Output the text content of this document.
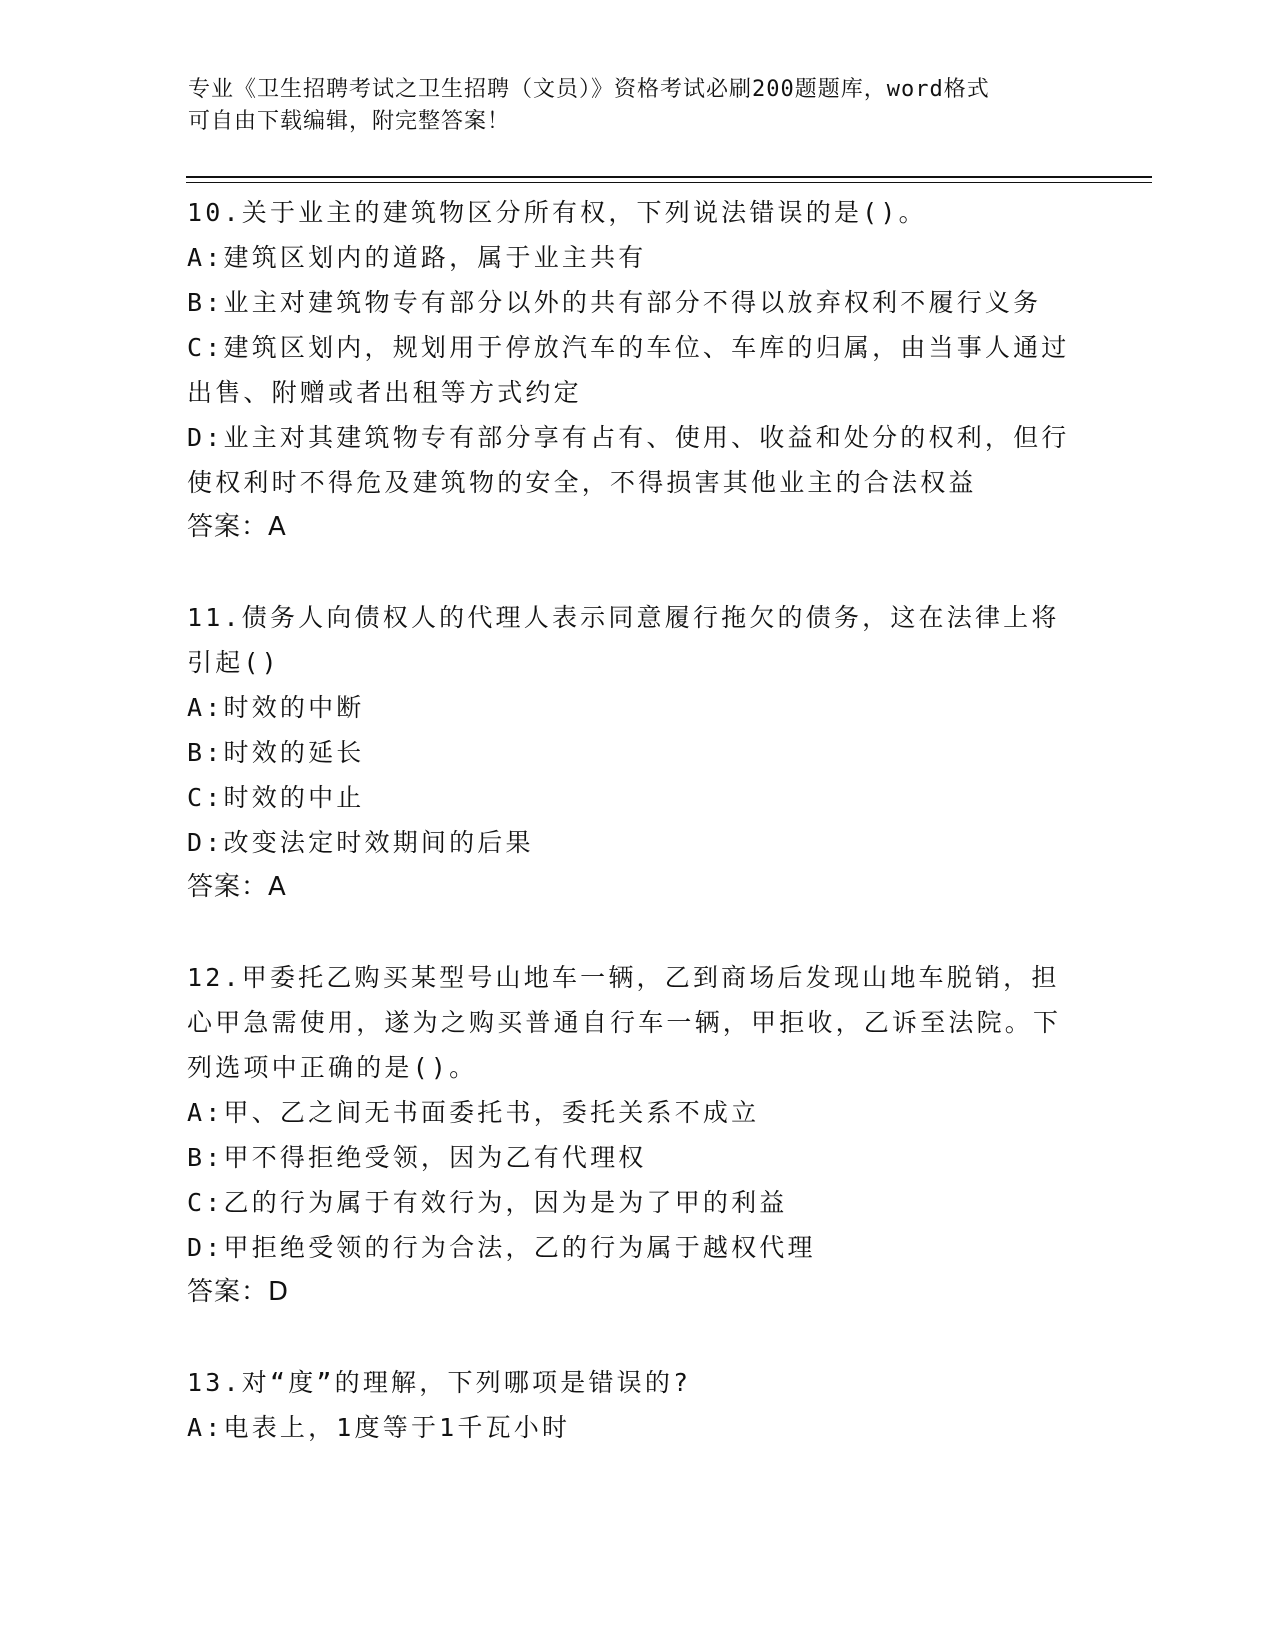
专业《卫生招聘考试之卫生招聘（文员）》资格考试必刷200题题库，word格式
可自由下载编辑，附完整答案！

10.关于业主的建筑物区分所有权，下列说法错误的是()。

A:建筑区划内的道路，属于业主共有

B:业主对建筑物专有部分以外的共有部分不得以放弃权利不履行义务

C:建筑区划内，规划用于停放汽车的车位、车库的归属，由当事人通过出售、附赠或者出租等方式约定

D:业主对其建筑物专有部分享有占有、使用、收益和处分的权利，但行使权利时不得危及建筑物的安全，不得损害其他业主的合法权益

答案：A

11.债务人向债权人的代理人表示同意履行拖欠的债务，这在法律上将引起()

A:时效的中断

B:时效的延长

C:时效的中止

D:改变法定时效期间的后果

答案：A

12.甲委托乙购买某型号山地车一辆，乙到商场后发现山地车脱销，担心甲急需使用，遂为之购买普通自行车一辆，甲拒收，乙诉至法院。下列选项中正确的是()。

A:甲、乙之间无书面委托书，委托关系不成立

B:甲不得拒绝受领，因为乙有代理权

C:乙的行为属于有效行为，因为是为了甲的利益

D:甲拒绝受领的行为合法，乙的行为属于越权代理

答案：D

13.对“度”的理解，下列哪项是错误的?

A:电表上，1度等于1千瓦小时
